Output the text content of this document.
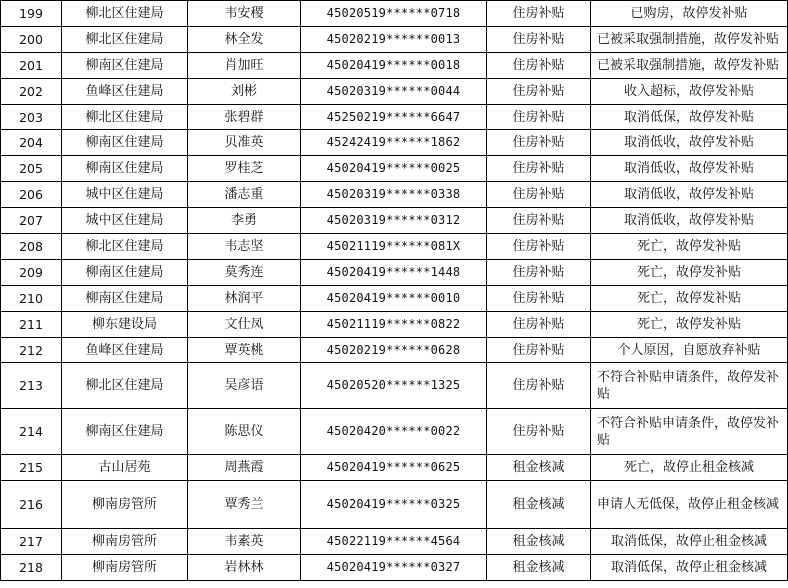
199	柳北区住建局	韦安稷	45020519******0718	住房补贴	已购房，故停发补贴
200	柳北区住建局	林全发	45020219******0013	住房补贴	已被采取强制措施，故停发补贴
201	柳南区住建局	肖加旺	45020419******0018	住房补贴	已被采取强制措施，故停发补贴
202	鱼峰区住建局	刘彬	45020319******0044	住房补贴	收入超标，故停发补贴
203	柳北区住建局	张碧群	45250219******6647	住房补贴	取消低保，故停发补贴
204	柳南区住建局	贝准英	45242419******1862	住房补贴	取消低收，故停发补贴
205	柳南区住建局	罗桂芝	45020419******0025	住房补贴	取消低收，故停发补贴
206	城中区住建局	潘志重	45020319******0338	住房补贴	取消低收，故停发补贴
207	城中区住建局	李勇	45020319******0312	住房补贴	取消低收，故停发补贴
208	柳北区住建局	韦志坚	45021119******081X	住房补贴	死亡，故停发补贴
209	柳南区住建局	莫秀连	45020419******1448	住房补贴	死亡，故停发补贴
210	柳南区住建局	林润平	45020419******0010	住房补贴	死亡，故停发补贴
211	柳东建设局	文仕凤	45021119******0822	住房补贴	死亡，故停发补贴
212	鱼峰区住建局	覃英桃	45020219******0628	住房补贴	个人原因，自愿放弃补贴
213	柳北区住建局	吴彦语	45020520******1325	住房补贴	不符合补贴申请条件，故停发补贴
214	柳南区住建局	陈思仪	45020420******0022	住房补贴	不符合补贴申请条件，故停发补贴
215	古山居苑	周燕霞	45020419******0625	租金核减	死亡，故停止租金核减
216	柳南房管所	覃秀兰	45020419******0325	租金核减	申请人无低保，故停止租金核减
217	柳南房管所	韦素英	45022119******4564	租金核减	取消低保，故停止租金核减
218	柳南房管所	岩林林	45020419******0327	租金核减	取消低保，故停止租金核减
